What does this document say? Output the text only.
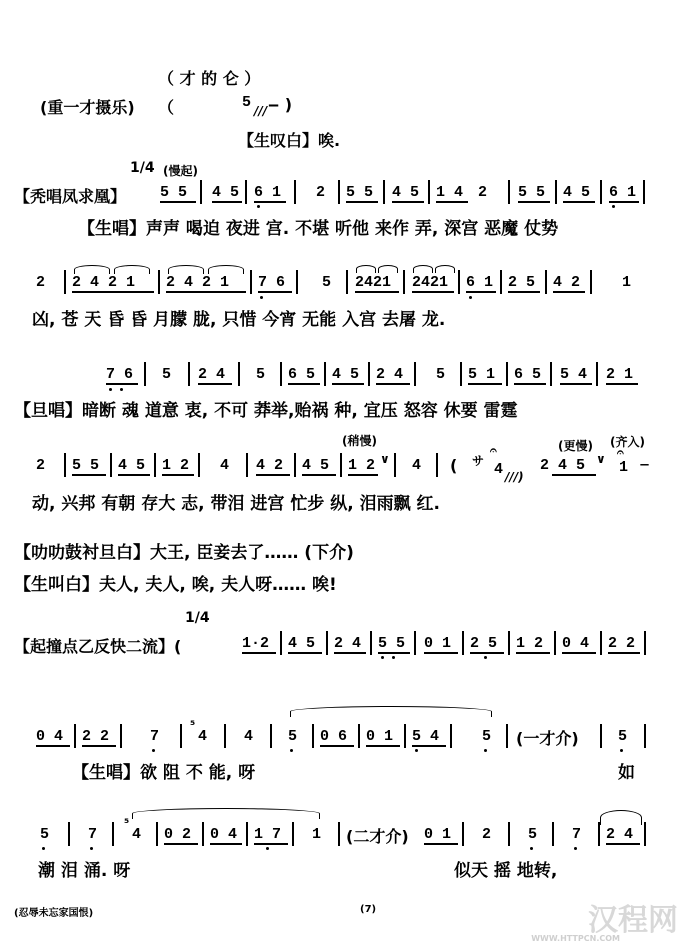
（ 才 的 仑 ）
(重一才摄乐) （	5 /// ‒ )
【生叹白】唉.
1/4 (慢起)
【秃唱凤求凰】 5 5 4 5 6 1 2 5 5 4 5 1 4 2 5 5 4 5 6 1
【生唱】声声 喝迫 夜进 宫. 不堪 听他 来作 弄, 深宫 恶魔 仗势
2 2 4 2 1 2 4 2 1 7 6 5 2421 2421 6 1 2 5 4 2	1
凶, 苍 天 昏 昏 月朦 胧, 只惜 今宵 无能 入宫 去屠 龙.
7 6 5 2 4 5 6 5 4 5 2 4 5 5 1 6 5 5 4 2 1
【旦唱】暗断 魂 道意 衷, 不可 莽举,贻祸 种, 宜压 怒容 休要 雷霆
(稍慢)	(更慢) (齐入)
2 5 5 4 5 1 2 4 4 2 4 5 1 2 ∨ 4 ( サ
𝄐
4 ///)
2 4 5 ∨ 𝄐
1 ‒
动, 兴邦 有朝 存大 志, 带泪 进宫 忙步 纵, 泪雨飘 红.
【叻叻鼓衬旦白】大王, 臣妾去了…… (下介)
【生叫白】夫人, 夫人, 唉, 夫人呀…… 唉!
1/4
【起撞点乙反快二流】(	1·2 4 5 2 4 5 5 0 1 2 5 1 2 0 4 2 2
0 4 2 2	7
⁵
4 4 5 0 6 0 1 5 4	5 (一才介)	5
【生唱】欲 阻 不 能, 呀	如
5	7
⁵
4 0 2 0 4 1 7 1 (二才介) 0 1 2 5 7 2 4
潮 泪 涌. 呀	似天 摇 地转,
(忍辱未忘家国恨)	(7)	汉程网
WWW.HTTPCN.COM
